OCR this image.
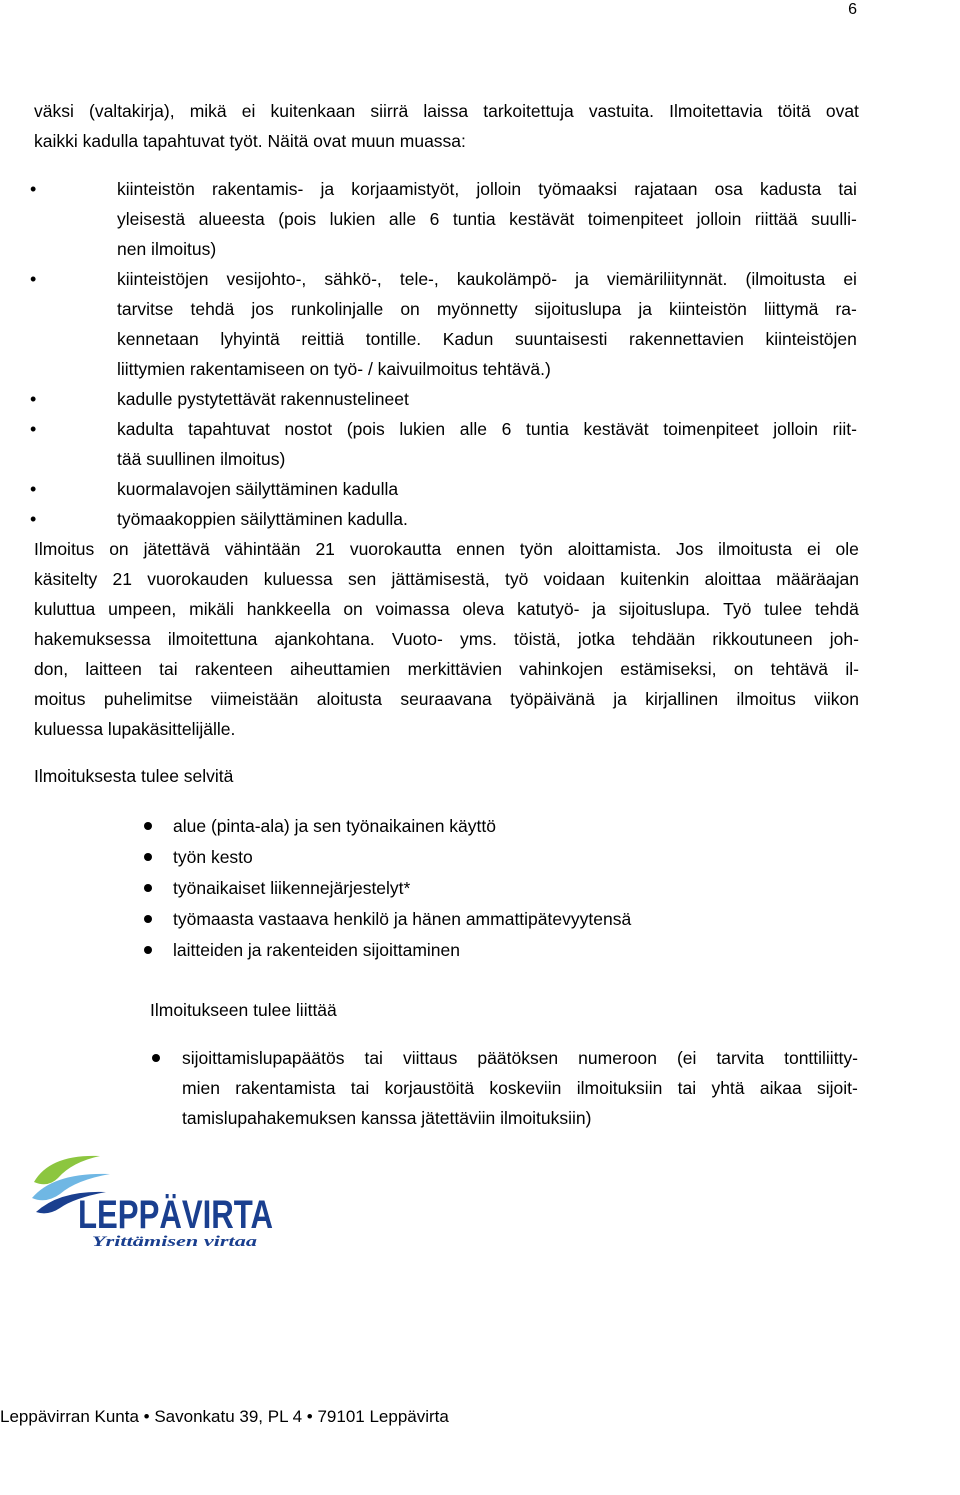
6
väksi (valtakirja), mikä ei kuitenkaan siirrä laissa tarkoitettuja vastuita. Ilmoitettavia töitä ovat
kaikki kadulla tapahtuvat työt. Näitä ovat muun muassa:
•	kiinteistön rakentamis- ja korjaamistyöt, jolloin työmaaksi rajataan osa kadusta tai
yleisestä alueesta (pois lukien alle 6 tuntia kestävät toimenpiteet jolloin riittää suulli-
nen ilmoitus)
•	kiinteistöjen vesijohto-, sähkö-, tele-, kaukolämpö- ja viemäriliitynnät. (ilmoitusta ei
tarvitse tehdä jos runkolinjalle on myönnetty sijoituslupa ja kiinteistön liittymä ra-
kennetaan lyhyintä reittiä tontille. Kadun suuntaisesti rakennettavien kiinteistöjen
liittymien rakentamiseen on työ- / kaivuilmoitus tehtävä.)
•	kadulle pystytettävät rakennustelineet
•	kadulta tapahtuvat nostot (pois lukien alle 6 tuntia kestävät toimenpiteet jolloin riit-
tää suullinen ilmoitus)
•	kuormalavojen säilyttäminen kadulla
•	työmaakoppien säilyttäminen kadulla.
Ilmoitus on jätettävä vähintään 21 vuorokautta ennen työn aloittamista. Jos ilmoitusta ei ole
käsitelty 21 vuorokauden kuluessa sen jättämisestä, työ voidaan kuitenkin aloittaa määräajan
kuluttua umpeen, mikäli hankkeella on voimassa oleva katutyö- ja sijoituslupa. Työ tulee tehdä
hakemuksessa ilmoitettuna ajankohtana. Vuoto- yms. töistä, jotka tehdään rikkoutuneen joh-
don, laitteen tai rakenteen aiheuttamien merkittävien vahinkojen estämiseksi, on tehtävä il-
moitus puhelimitse viimeistään aloitusta seuraavana työpäivänä ja kirjallinen ilmoitus viikon
kuluessa lupakäsittelijälle.
Ilmoituksesta tulee selvitä
alue (pinta-ala) ja sen työnaikainen käyttö
työn kesto
työnaikaiset liikennejärjestelyt*
työmaasta vastaava henkilö ja hänen ammattipätevyytensä
laitteiden ja rakenteiden sijoittaminen
Ilmoitukseen tulee liittää
sijoittamislupapäätös tai viittaus päätöksen numeroon (ei tarvita tonttiliitty-
mien rakentamista tai korjaustöitä koskeviin ilmoituksiin tai yhtä aikaa sijoit-
tamislupahakemuksen kanssa jätettäviin ilmoituksiin)
LEPPÄVIRTA
Yrittämisen virtaa
Leppävirran Kunta • Savonkatu 39, PL 4 • 79101 Leppävirta
